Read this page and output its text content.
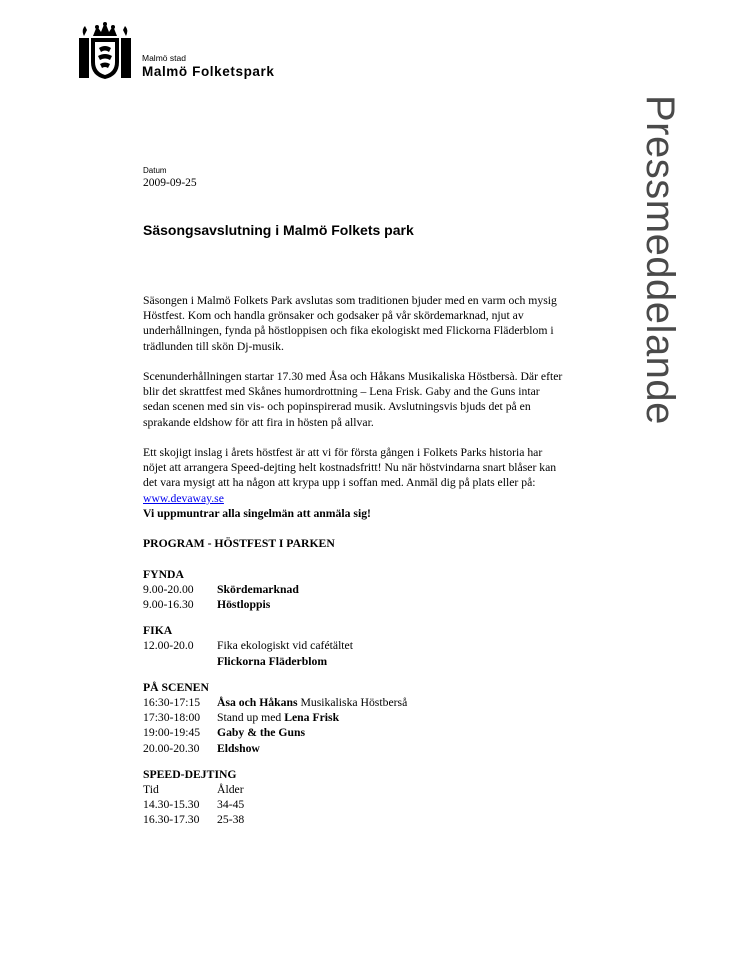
Malmö stad
Malmö Folketspark
Pressmeddelande
Datum
2009-09-25
Säsongsavslutning i Malmö Folkets park

Säsongen i Malmö Folkets Park avslutas som traditionen bjuder med en varm och mysig Höstfest. Kom och handla grönsaker och godsaker på vår skördemarknad, njut av underhållningen, fynda på höstloppisen och fika ekologiskt med Flickorna Fläderblom i trädlunden till skön Dj-musik.

Scenunderhållningen startar 17.30 med Åsa och Håkans Musikaliska Höstbersà. Där efter blir det skrattfest med Skånes humordrottning – Lena Frisk. Gaby and the Guns intar sedan scenen med sin vis- och popinspirerad musik. Avslutningsvis bjuds det på en sprakande eldshow för att fira in hösten på allvar.

Ett skojigt inslag i årets höstfest är att vi för första gången i Folkets Parks historia har nöjet att arrangera Speed-dejting helt kostnadsfritt! Nu när höstvindarna snart blåser kan det vara mysigt att ha någon att krypa upp i soffan med. Anmäl dig på plats eller på: www.devaway.se
Vi uppmuntrar alla singelmän att anmäla sig!

PROGRAM - HÖSTFEST I PARKEN
FYNDA
9.00-20.00	Skördemarknad
9.00-16.30	Höstloppis
FIKA
12.00-20.0	Fika ekologiskt vid cafétältet
Flickorna Fläderblom
PÅ SCENEN
16:30-17:15	Åsa och Håkans Musikaliska Höstberså
17:30-18:00	Stand up med Lena Frisk
19:00-19:45	Gaby & the Guns
20.00-20.30	Eldshow
SPEED-DEJTING
Tid	Ålder
14.30-15.30	34-45
16.30-17.30	25-38
